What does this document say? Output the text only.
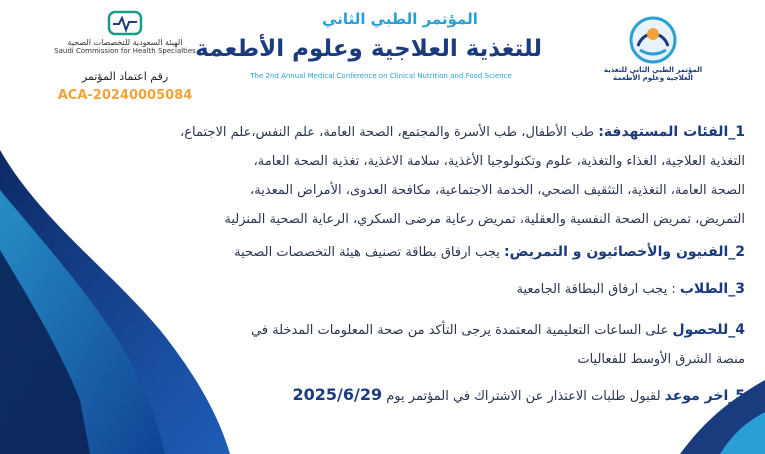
المؤتمر الطبي الثاني للتغذية العلاجية وعلوم الأطعمة
المؤتمر الطبي الثاني
للتغذية العلاجية وعلوم الأطعمة
The 2nd Annual Medical Conference on Clinical Nutrition and Food Science
الهيئة السعودية للتخصصات الصحية
Saudi Commission for Health Specialties
رقم اعتماد المؤتمر
ACA-20240005084
1_الفئات المستهدفة: طب الأطفال، طب الأسرة والمجتمع، الصحة العامة، علم النفس،علم الاجتماع،
التغذية العلاجية، الغذاء والتغذية، علوم وتكنولوجيا الأغذية، سلامة الاغذية، تغذية الصحة العامة،
الصحة العامة، التغذية، التثقيف الصحي، الخدمة الاجتماعية، مكافحة العدوى، الأمراض المعدية،
التمريض، تمريض الصحة النفسية والعقلية، تمريض رعاية مرضى السكري، الرعاية الصحية المنزلية
2_الفنيون والأخصائيون و التمريض: يجب ارفاق بطاقة تصنيف هيئة التخصصات الصحية
3_الطلاب : يجب ارفاق البطاقة الجامعية
4_للحصول على الساعات التعليمية المعتمدة يرجى التأكد من صحة المعلومات المدخلة في
منصة الشرق الأوسط للفعاليات
5_اخر موعد لقبول طلبات الاعتذار عن الاشتراك في المؤتمر يوم 2025/6/29
